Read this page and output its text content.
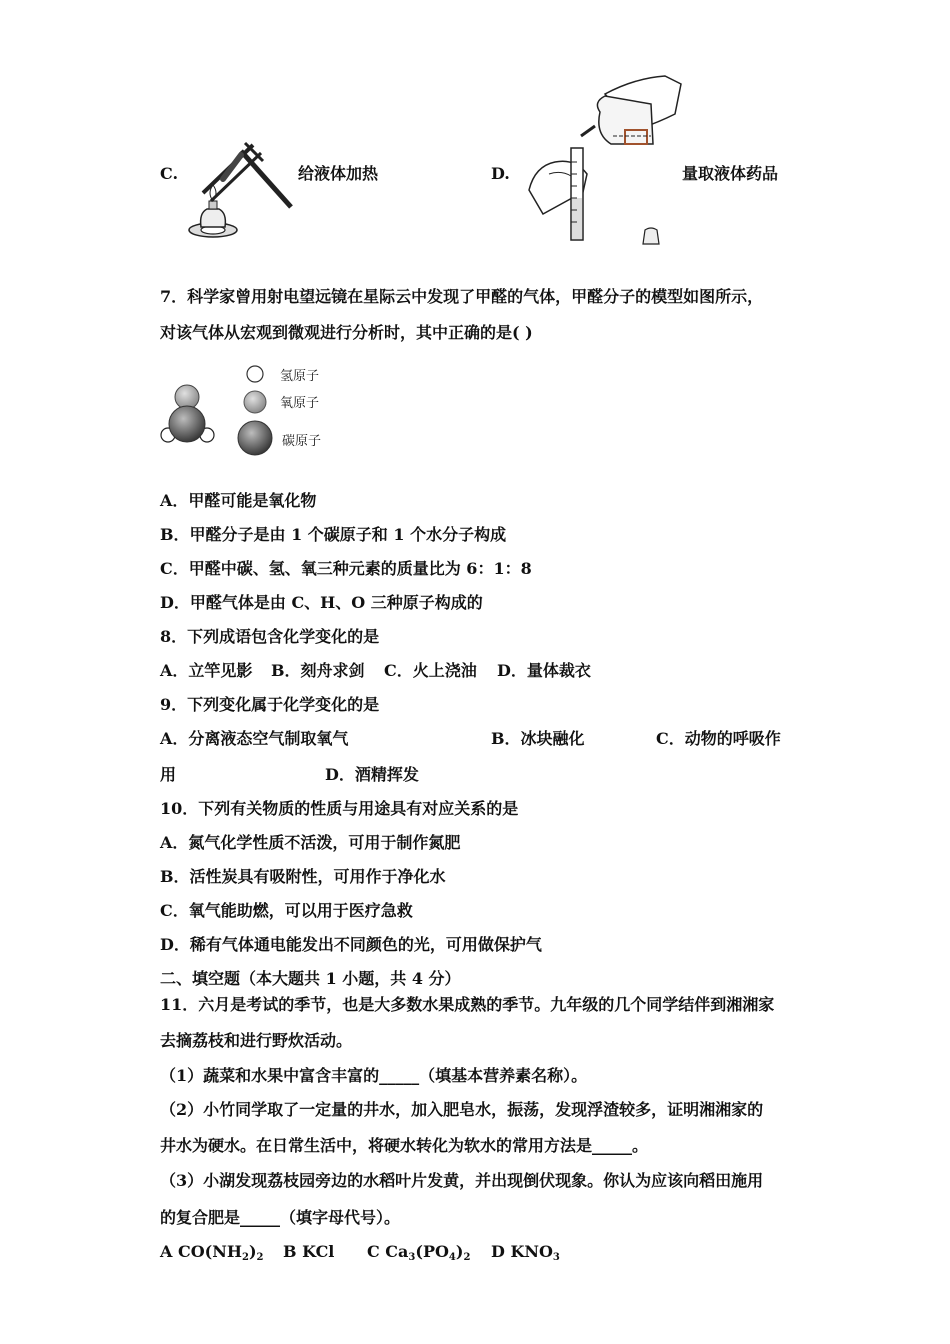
C.	给液体加热	D.	量取液体药品
7．科学家曾用射电望远镜在星际云中发现了甲醛的气体，甲醛分子的模型如图所示，
对该气体从宏观到微观进行分析时，其中正确的是( )
氢原子
氧原子
碳原子
A．甲醛可能是氧化物
B．甲醛分子是由 1 个碳原子和 1 个水分子构成
C．甲醛中碳、氢、氧三种元素的质量比为 6：1：8
D．甲醛气体是由 C、H、O 三种原子构成的
8．下列成语包含化学变化的是
A．立竿见影 B．刻舟求剑 C．火上浇油 D．量体裁衣
9．下列变化属于化学变化的是
A．分离液态空气制取氧气	B．冰块融化	C．动物的呼吸作
用	D．酒精挥发
10．下列有关物质的性质与用途具有对应关系的是
A．氮气化学性质不活泼，可用于制作氮肥
B．活性炭具有吸附性，可用作于净化水
C．氧气能助燃，可以用于医疗急救
D．稀有气体通电能发出不同颜色的光，可用做保护气
二、填空题（本大题共 1 小题，共 4 分）
11．六月是考试的季节，也是大多数水果成熟的季节。九年级的几个同学结伴到湘湘家
去摘荔枝和进行野炊活动。
（1）蔬菜和水果中富含丰富的_____（填基本营养素名称）。
（2）小竹同学取了一定量的井水，加入肥皂水，振荡，发现浮渣较多，证明湘湘家的
井水为硬水。在日常生活中，将硬水转化为软水的常用方法是_____。
（3）小湖发现荔枝园旁边的水稻叶片发黄，并出现倒伏现象。你认为应该向稻田施用
的复合肥是_____（填字母代号）。
A $CO(NH_2)_2$ B KCl C $Ca_3(PO_4)_2$ D $KNO_3$
